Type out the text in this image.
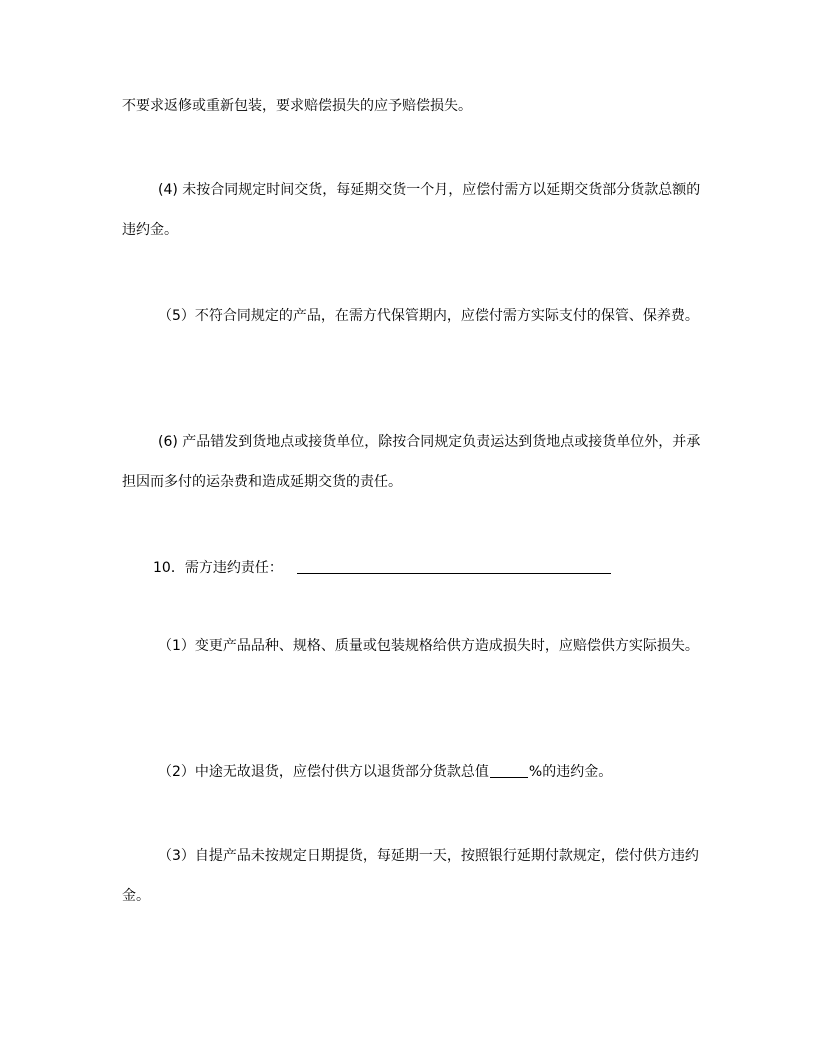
不要求返修或重新包装，要求赔偿损失的应予赔偿损失。
(4) 未按合同规定时间交货，每延期交货一个月，应偿付需方以延期交货部分货款总额的违约金。
（5）不符合同规定的产品，在需方代保管期内，应偿付需方实际支付的保管、保养费。
(6) 产品错发到货地点或接货单位，除按合同规定负责运达到货地点或接货单位外，并承担因而多付的运杂费和造成延期交货的责任。
10．需方违约责任：
（1）变更产品品种、规格、质量或包装规格给供方造成损失时，应赔偿供方实际损失。
（2）中途无故退货，应偿付供方以退货部分货款总值	%的违约金。
（3）自提产品未按规定日期提货，每延期一天，按照银行延期付款规定，偿付供方违约金。
